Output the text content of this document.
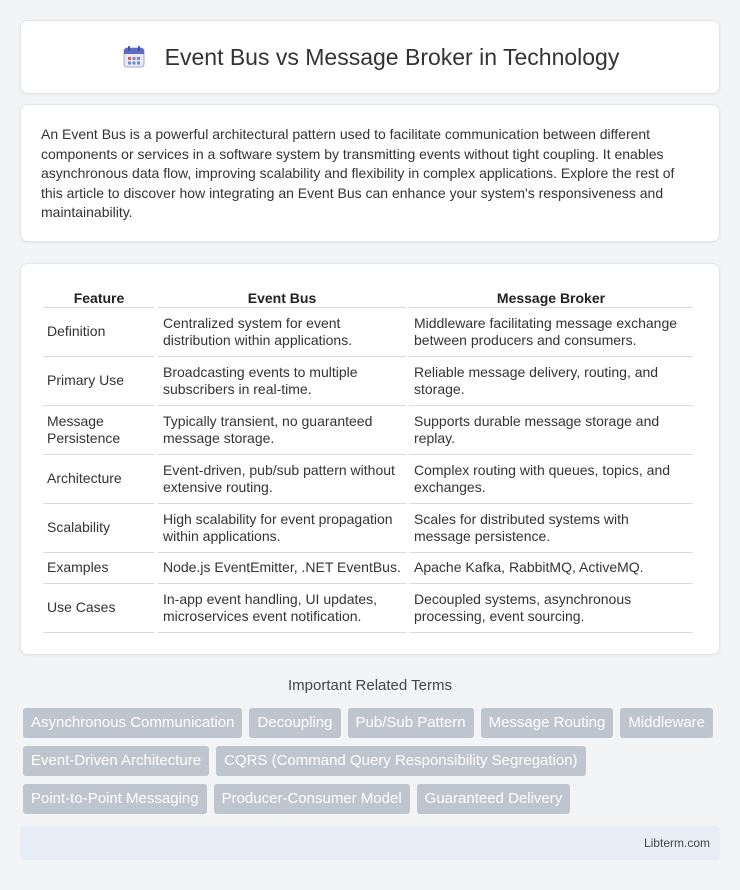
Event Bus vs Message Broker in Technology

An Event Bus is a powerful architectural pattern used to facilitate communication between different components or services in a software system by transmitting events without tight coupling. It enables asynchronous data flow, improving scalability and flexibility in complex applications. Explore the rest of this article to discover how integrating an Event Bus can enhance your system's responsiveness and maintainability.

Feature	Event Bus	Message Broker
Definition	Centralized system for event distribution within applications.	Middleware facilitating message exchange between producers and consumers.
Primary Use	Broadcasting events to multiple subscribers in real-time.	Reliable message delivery, routing, and storage.
Message Persistence	Typically transient, no guaranteed message storage.	Supports durable message storage and replay.
Architecture	Event-driven, pub/sub pattern without extensive routing.	Complex routing with queues, topics, and exchanges.
Scalability	High scalability for event propagation within applications.	Scales for distributed systems with message persistence.
Examples	Node.js EventEmitter, .NET EventBus.	Apache Kafka, RabbitMQ, ActiveMQ.
Use Cases	In-app event handling, UI updates, microservices event notification.	Decoupled systems, asynchronous processing, event sourcing.
Important Related Terms
Asynchronous Communication	Decoupling	Pub/Sub Pattern	Message Routing	Middleware
Event-Driven Architecture	CQRS (Command Query Responsibility Segregation)
Point-to-Point Messaging	Producer-Consumer Model	Guaranteed Delivery
Libterm.com
